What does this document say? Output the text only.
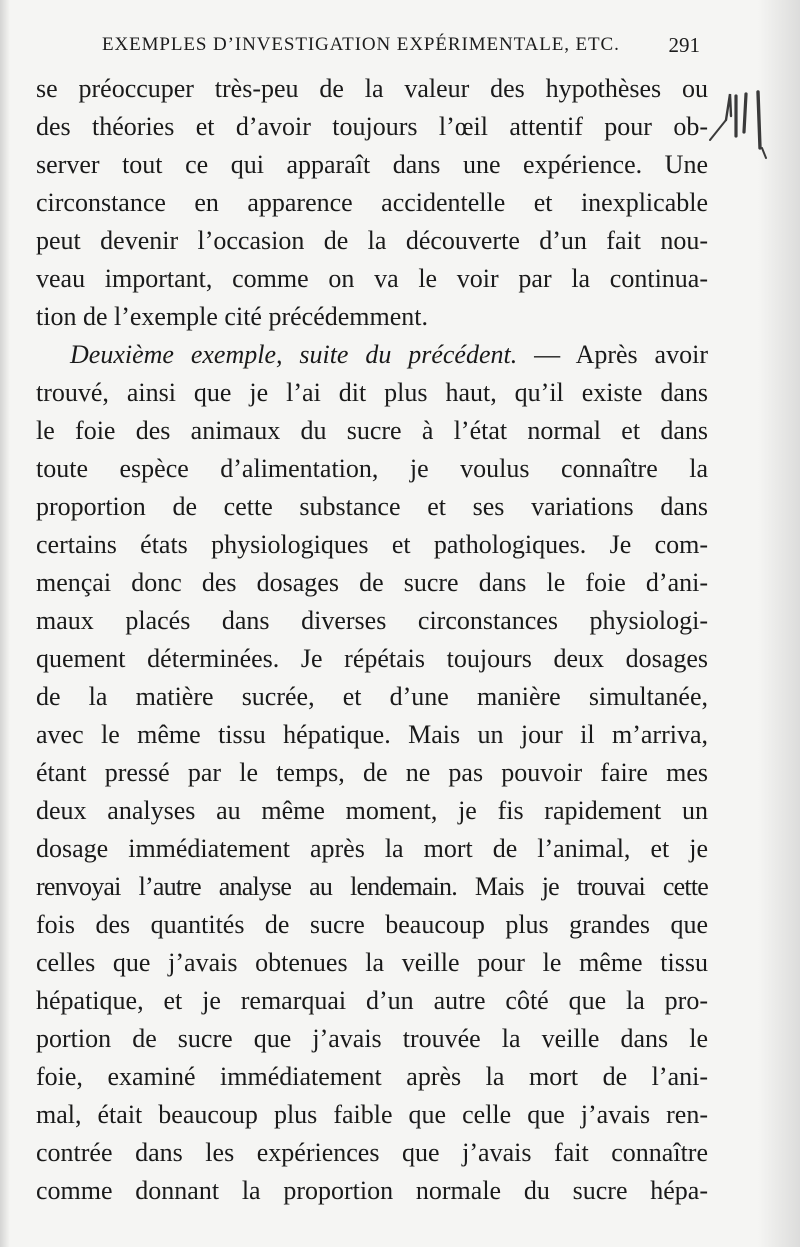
EXEMPLES D’INVESTIGATION EXPÉRIMENTALE, ETC. 291
se préoccuper très-peu de la valeur des hypothèses ou
des théories et d’avoir toujours l’œil attentif pour ob-
server tout ce qui apparaît dans une expérience. Une
circonstance en apparence accidentelle et inexplicable
peut devenir l’occasion de la découverte d’un fait nou-
veau important, comme on va le voir par la continua-
tion de l’exemple cité précédemment.
Deuxième exemple, suite du précédent. — Après avoir
trouvé, ainsi que je l’ai dit plus haut, qu’il existe dans
le foie des animaux du sucre à l’état normal et dans
toute espèce d’alimentation, je voulus connaître la
proportion de cette substance et ses variations dans
certains états physiologiques et pathologiques. Je com-
mençai donc des dosages de sucre dans le foie d’ani-
maux placés dans diverses circonstances physiologi-
quement déterminées. Je répétais toujours deux dosages
de la matière sucrée, et d’une manière simultanée,
avec le même tissu hépatique. Mais un jour il m’arriva,
étant pressé par le temps, de ne pas pouvoir faire mes
deux analyses au même moment, je fis rapidement un
dosage immédiatement après la mort de l’animal, et je
renvoyai l’autre analyse au lendemain. Mais je trouvai cette
fois des quantités de sucre beaucoup plus grandes que
celles que j’avais obtenues la veille pour le même tissu
hépatique, et je remarquai d’un autre côté que la pro-
portion de sucre que j’avais trouvée la veille dans le
foie, examiné immédiatement après la mort de l’ani-
mal, était beaucoup plus faible que celle que j’avais ren-
contrée dans les expériences que j’avais fait connaître
comme donnant la proportion normale du sucre hépa-
